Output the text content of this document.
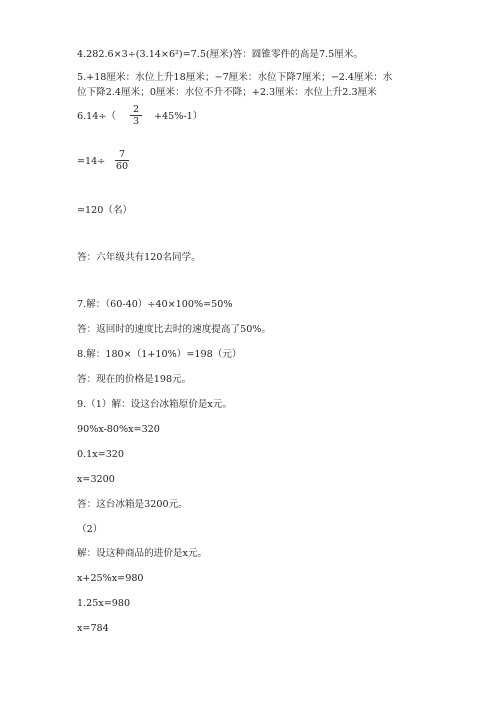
4.282.6×3÷(3.14×6²)=7.5(厘米)答：圆锥零件的高是7.5厘米。
5.+18厘米：水位上升18厘米；−7厘米：水位下降7厘米；−2.4厘米：水
位下降2.4厘米；0厘米：水位不升不降；+2.3厘米：水位上升2.3厘米
$6.14\div( \frac{2}{3} +45\%-1)$
$=14\div \frac{7}{60}$
=120（名）
答：六年级共有120名同学。
7.解：（60-40）÷40×100%=50%
答：返回时的速度比去时的速度提高了50%。
8.解：180×（1+10%）=198（元）
答：现在的价格是198元。
9.（1）解：设这台冰箱原价是x元。
90%x-80%x=320
0.1x=320
x=3200
答：这台冰箱是3200元。
（2）
解：设这种商品的进价是x元。
x+25%x=980
1.25x=980
x=784
